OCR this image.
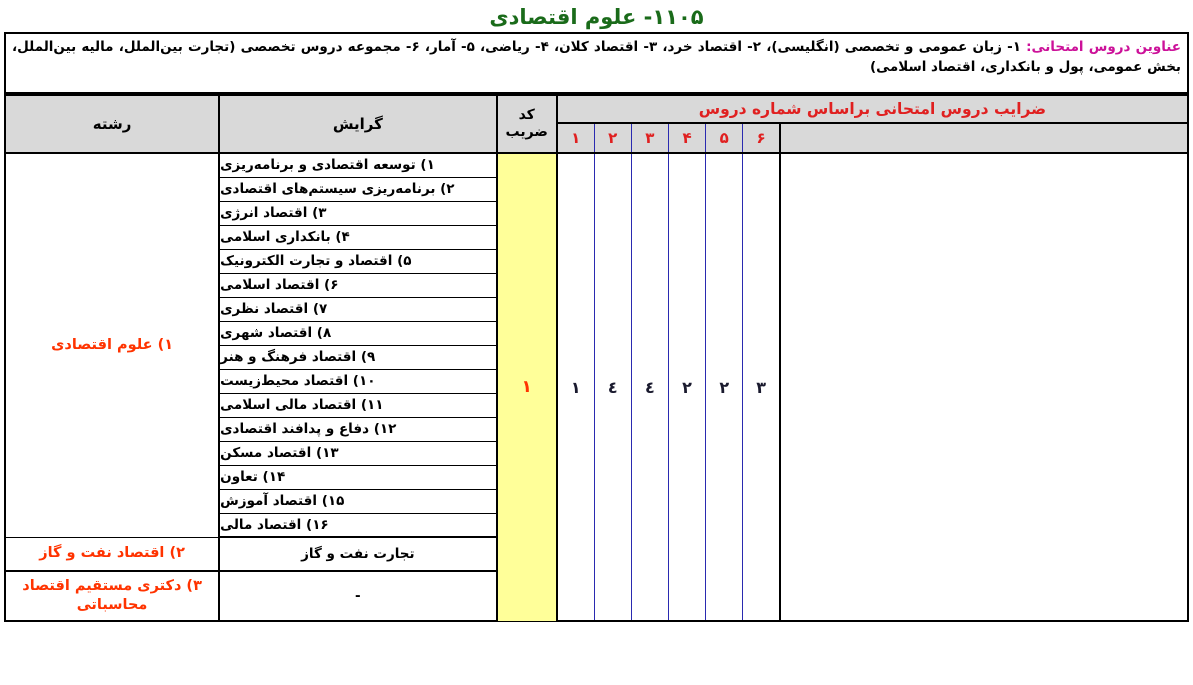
۱۱۰۵- علوم اقتصادی
عناوین دروس امتحانی: ۱- زبان عمومی و تخصصی (انگلیسی)، ۲- اقتصاد خرد، ۳- اقتصاد کلان، ۴- ریاضی، ۵- آمار، ۶- مجموعه دروس تخصصی (تجارت بین‌الملل، مالیه بین‌الملل، بخش عمومی، پول و بانکداری، اقتصاد اسلامی)
ضرایب دروس امتحانی براساس شماره دروس							کد
ضریب	گرایش	رشته
	۶	۵	۴	۳	۲	۱			
	۳	۲	۲	٤	٤	۱	۱	۱) توسعه اقتصادی و برنامه‌ریزی	۱) علوم اقتصادی
								۲) برنامه‌ریزی سیستم‌های اقتصادی	
								۳) اقتصاد انرژی	
								۴) بانکداری اسلامی	
								۵) اقتصاد و تجارت الکترونیک	
								۶) اقتصاد اسلامی	
								۷) اقتصاد نظری	
								۸) اقتصاد شهری	
								۹) اقتصاد فرهنگ و هنر	
								۱۰) اقتصاد محیط‌زیست	
								۱۱) اقتصاد مالی اسلامی	
								۱۲) دفاع و پدافند اقتصادی	
								۱۳) اقتصاد مسکن	
								۱۴) تعاون	
								۱۵) اقتصاد آموزش	
								۱۶) اقتصاد مالی	
								تجارت نفت و گاز	۲) اقتصاد نفت و گاز
								-	۳) دکتری مستقیم اقتصاد محاسباتی
